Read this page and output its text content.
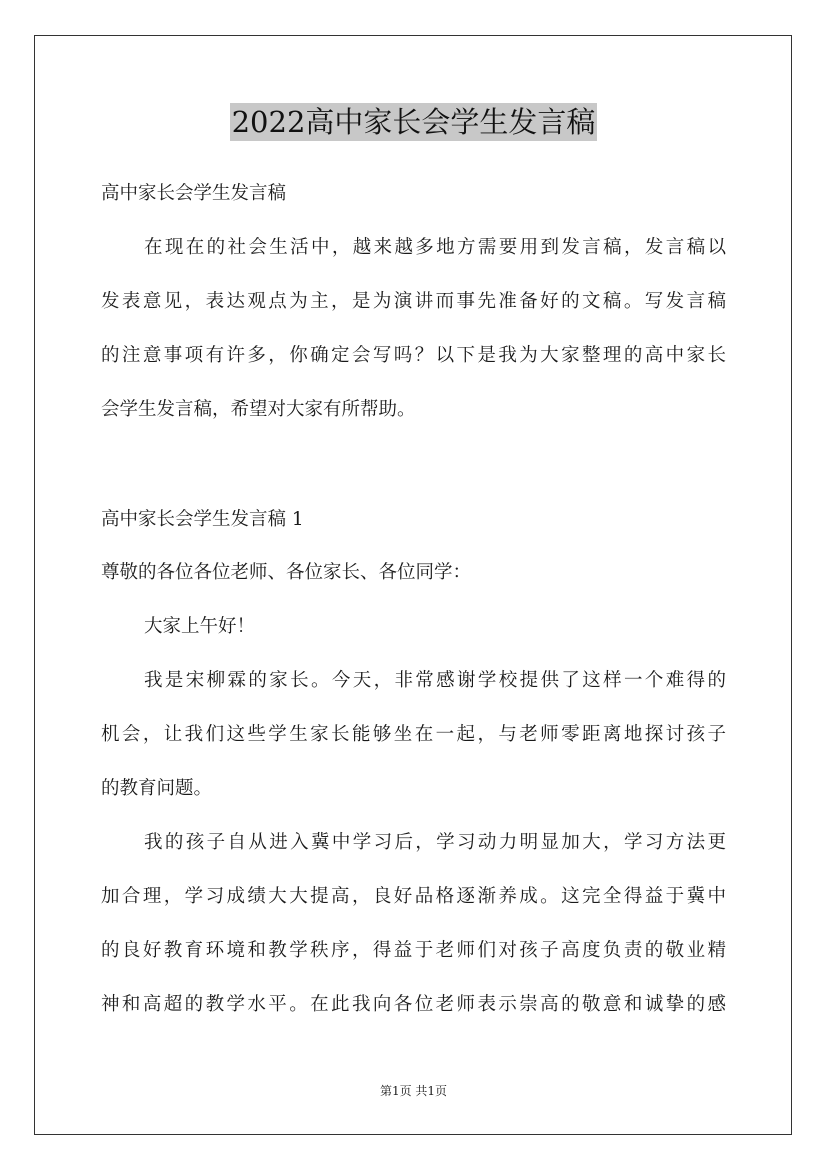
2022高中家长会学生发言稿
高中家长会学生发言稿
在现在的社会生活中，越来越多地方需要用到发言稿，发言稿以
发表意见，表达观点为主，是为演讲而事先准备好的文稿。写发言稿
的注意事项有许多，你确定会写吗？以下是我为大家整理的高中家长
会学生发言稿，希望对大家有所帮助。
高中家长会学生发言稿 1
尊敬的各位各位老师、各位家长、各位同学：
大家上午好！
我是宋柳霖的家长。今天，非常感谢学校提供了这样一个难得的
机会，让我们这些学生家长能够坐在一起，与老师零距离地探讨孩子
的教育问题。
我的孩子自从进入冀中学习后，学习动力明显加大，学习方法更
加合理，学习成绩大大提高，良好品格逐渐养成。这完全得益于冀中
的良好教育环境和教学秩序，得益于老师们对孩子高度负责的敬业精
神和高超的教学水平。在此我向各位老师表示崇高的敬意和诚挚的感
第1页 共1页
